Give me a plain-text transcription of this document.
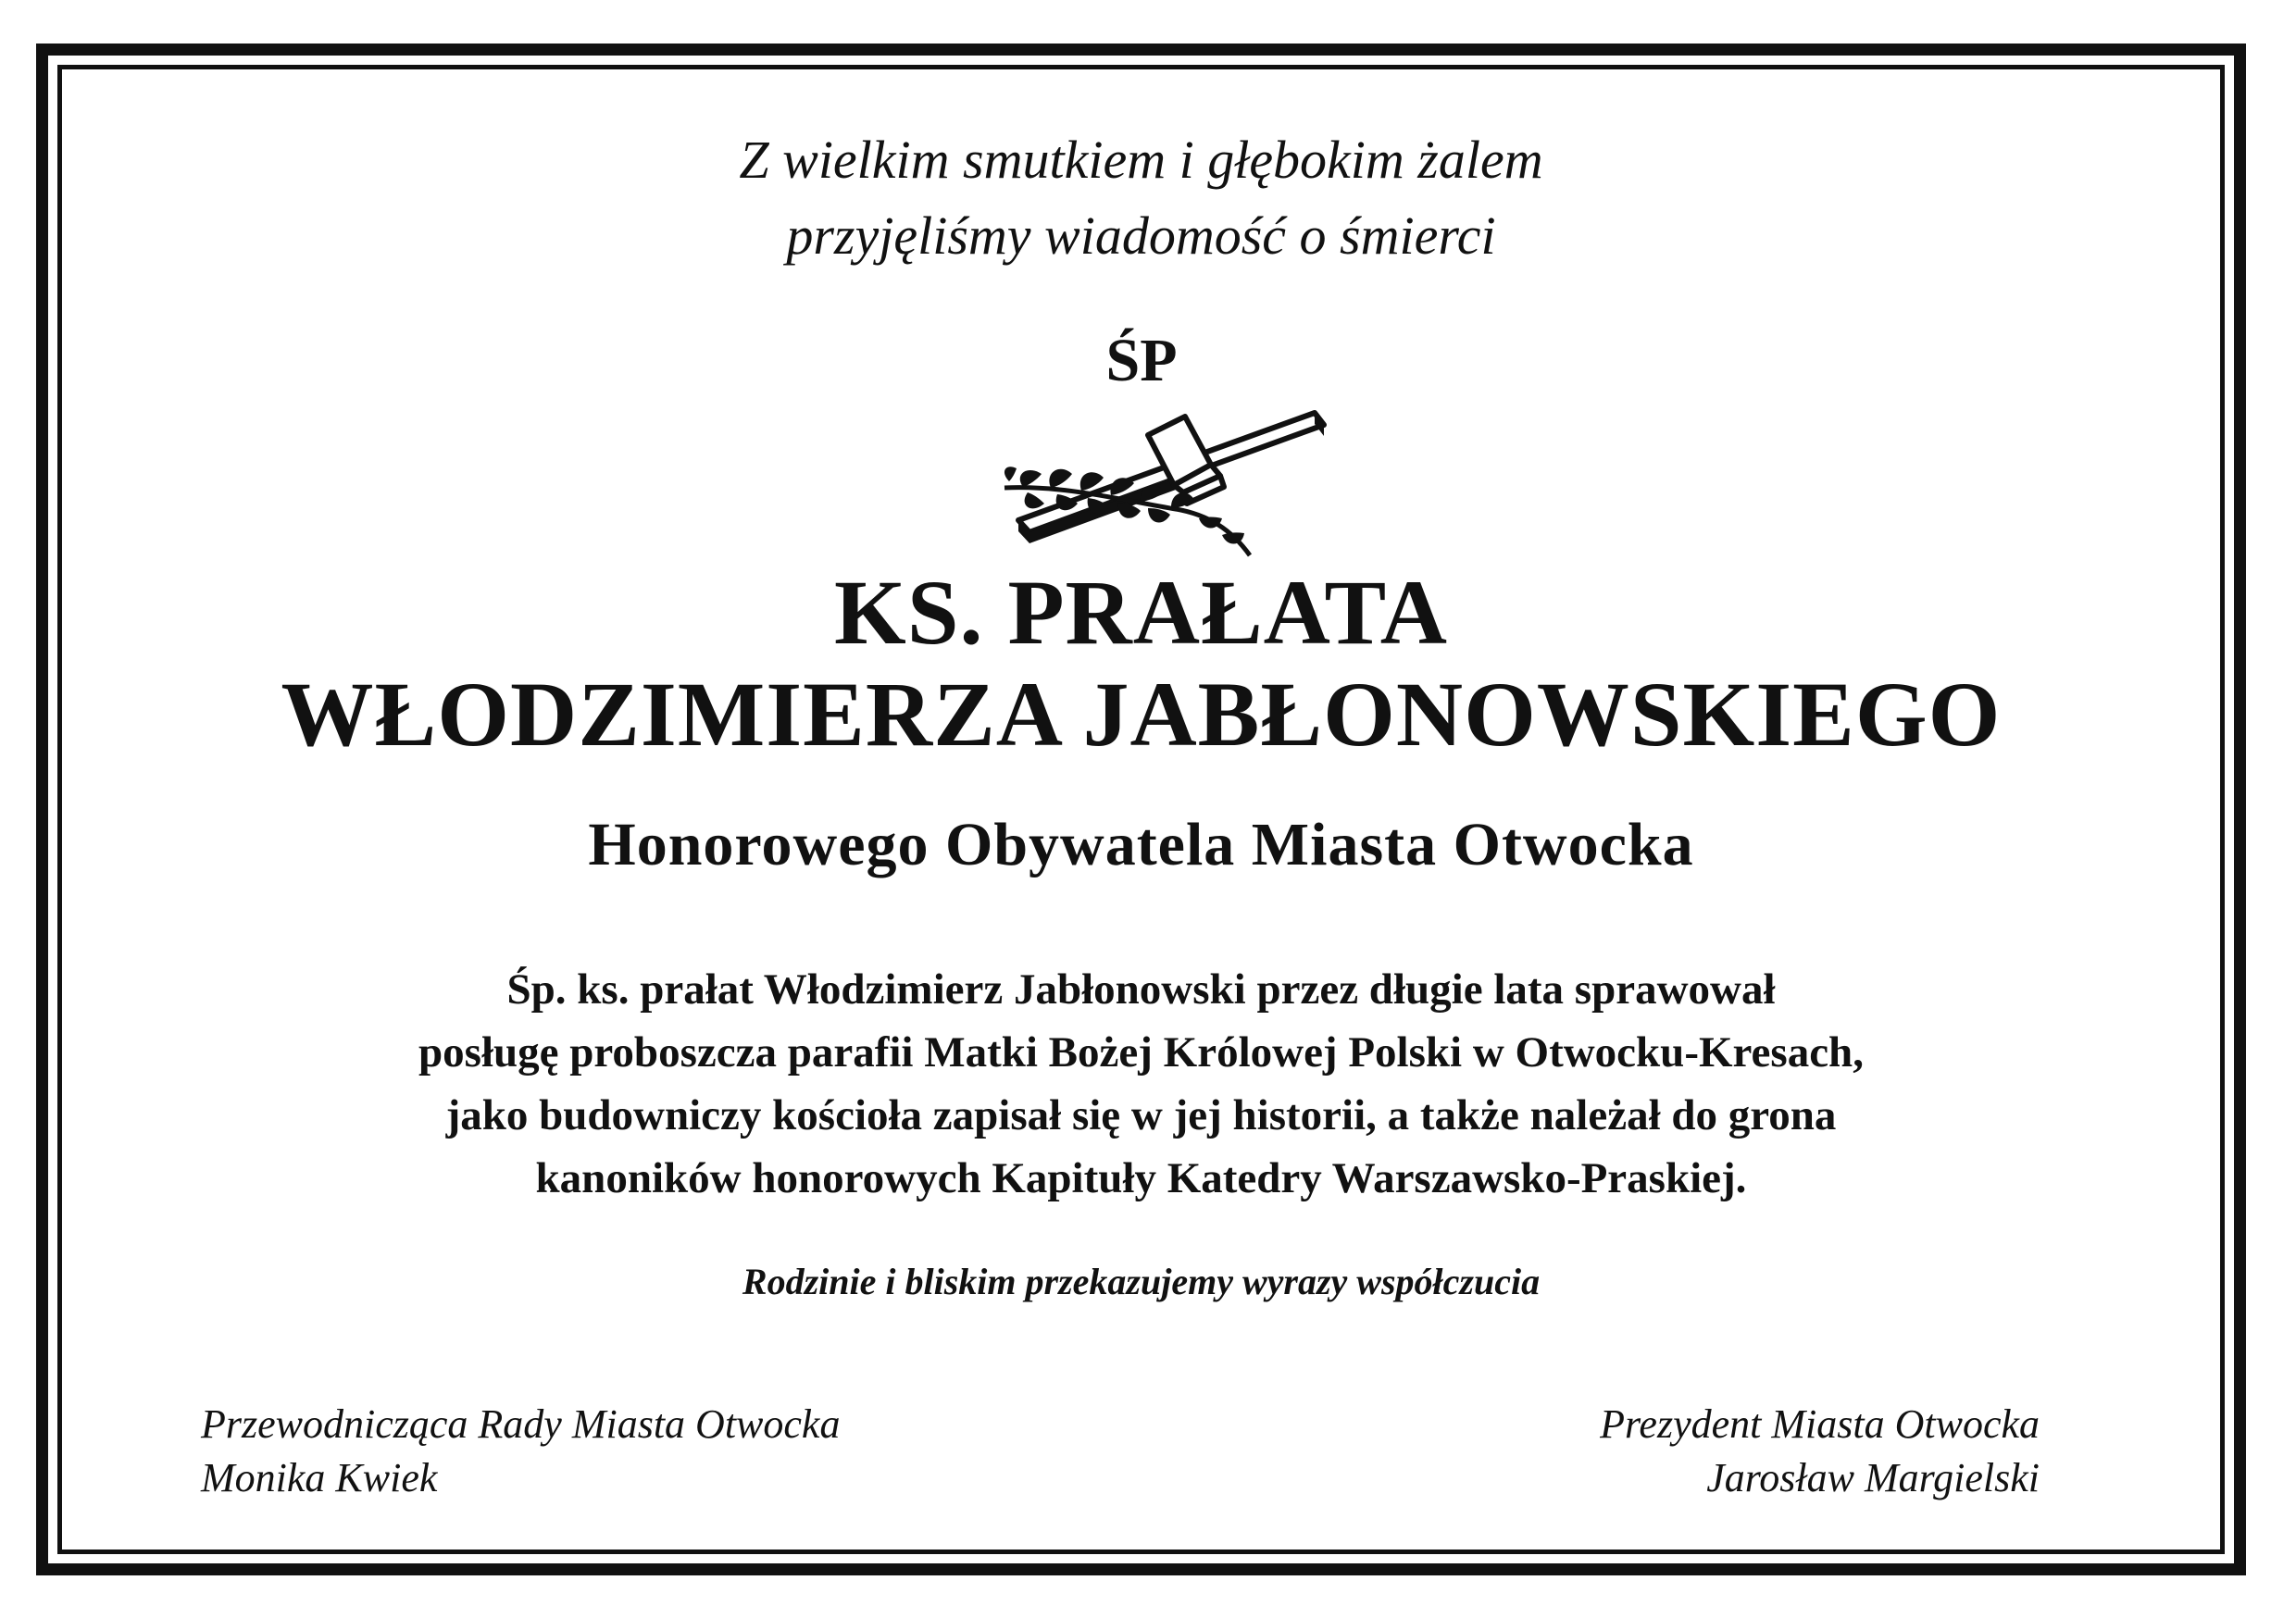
Z wielkim smutkiem i głębokim żalem
przyjęliśmy wiadomość o śmierci
ŚP
KS. PRAŁATA
WŁODZIMIERZA JABŁONOWSKIEGO
Honorowego Obywatela Miasta Otwocka
Śp. ks. prałat Włodzimierz Jabłonowski przez długie lata sprawował
posługę proboszcza parafii Matki Bożej Królowej Polski w Otwocku-Kresach,
jako budowniczy kościoła zapisał się w jej historii, a także należał do grona
kanoników honorowych Kapituły Katedry Warszawsko-Praskiej.
Rodzinie i bliskim przekazujemy wyrazy współczucia
Przewodnicząca Rady Miasta Otwocka
Monika Kwiek
Prezydent Miasta Otwocka
Jarosław Margielski
